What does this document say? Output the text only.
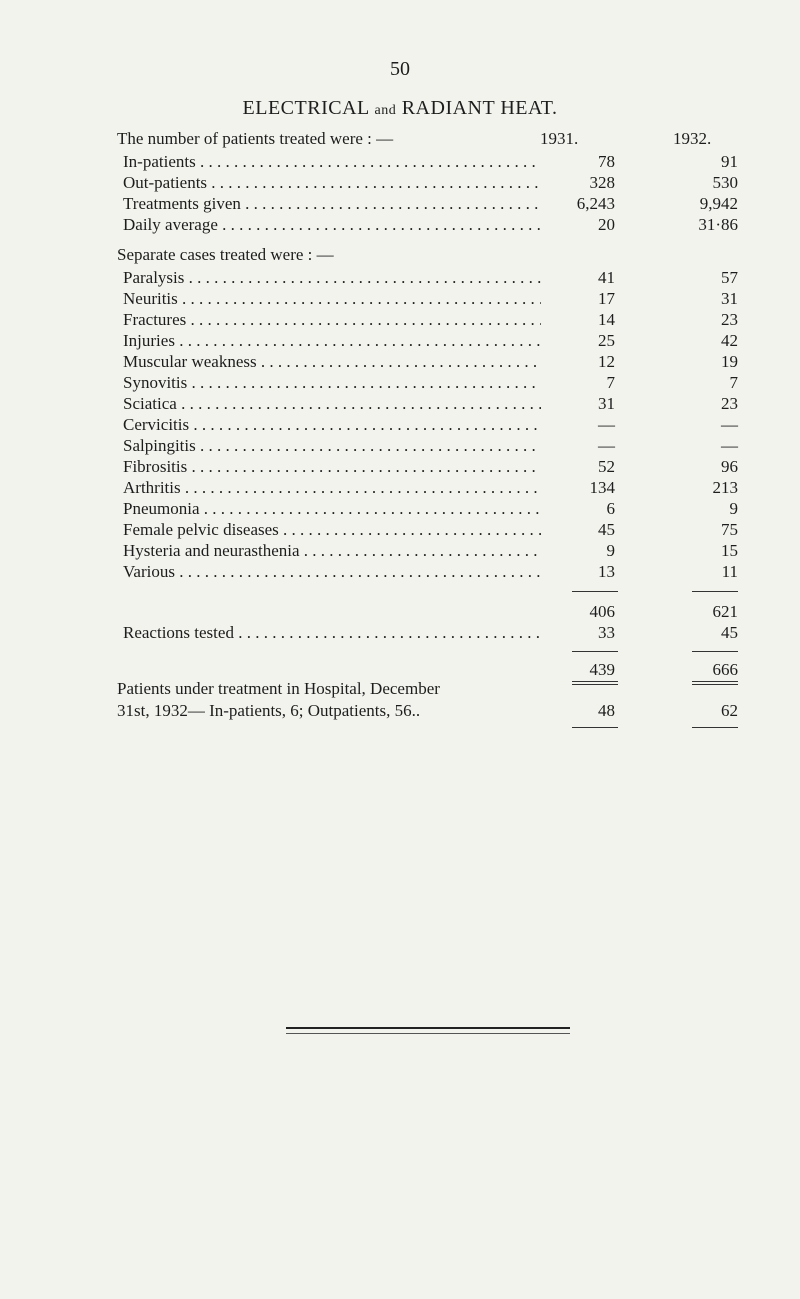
50
ELECTRICAL and RADIANT HEAT.
The number of patients treated were : —	1931.	1932.
In-patients . . .	78	91
Out-patients . . .	328	530
Treatments given . . .	6,243	9,942
Daily average . . .	20	31·86
Separate cases treated were : —
Paralysis . . .	41	57
Neuritis . . .	17	31
Fractures . . .	14	23
Injuries . . .	25	42
Muscular weakness . . .	12	19
Synovitis . . .	7	7
Sciatica . . .	31	23
Cervicitis . . .	—	—
Salpingitis . . .	—	—
Fibrositis . . .	52	96
Arthritis . . .	134	213
Pneumonia . . .	6	9
Female pelvic diseases . . .	45	75
Hysteria and neurasthenia . . .	9	15
Various . . .	13	11
406	621
Reactions tested . . .	33	45
439	666
Patients under treatment in Hospital, December
31st, 1932— In-patients, 6; Outpatients, 56..	48	62
